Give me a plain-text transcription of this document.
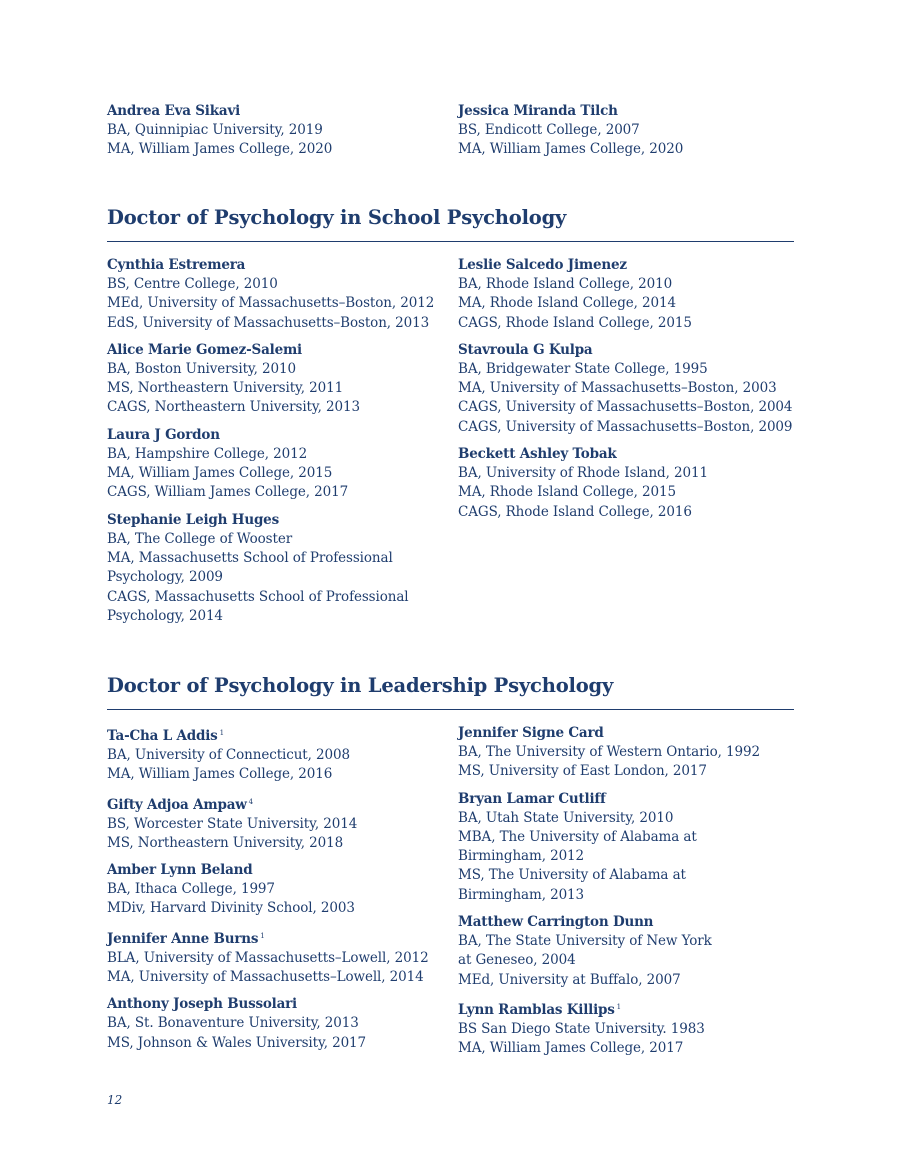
Andrea Eva Sikavi
BA, Quinnipiac University, 2019
MA, William James College, 2020
Jessica Miranda Tilch
BS, Endicott College, 2007
MA, William James College, 2020
Doctor of Psychology in School Psychology
Cynthia Estremera
BS, Centre College, 2010
MEd, University of Massachusetts–Boston, 2012
EdS, University of Massachusetts–Boston, 2013
Alice Marie Gomez-Salemi
BA, Boston University, 2010
MS, Northeastern University, 2011
CAGS, Northeastern University, 2013
Laura J Gordon
BA, Hampshire College, 2012
MA, William James College, 2015
CAGS, William James College, 2017
Stephanie Leigh Huges
BA, The College of Wooster
MA, Massachusetts School of Professional
Psychology, 2009
CAGS, Massachusetts School of Professional
Psychology, 2014
Leslie Salcedo Jimenez
BA, Rhode Island College, 2010
MA, Rhode Island College, 2014
CAGS, Rhode Island College, 2015
Stavroula G Kulpa
BA, Bridgewater State College, 1995
MA, University of Massachusetts–Boston, 2003
CAGS, University of Massachusetts–Boston, 2004
CAGS, University of Massachusetts–Boston, 2009
Beckett Ashley Tobak
BA, University of Rhode Island, 2011
MA, Rhode Island College, 2015
CAGS, Rhode Island College, 2016
Doctor of Psychology in Leadership Psychology
Ta-Cha L Addis $^1$
BA, University of Connecticut, 2008
MA, William James College, 2016
Gifty Adjoa Ampaw $^4$
BS, Worcester State University, 2014
MS, Northeastern University, 2018
Amber Lynn Beland
BA, Ithaca College, 1997
MDiv, Harvard Divinity School, 2003
Jennifer Anne Burns $^1$
BLA, University of Massachusetts–Lowell, 2012
MA, University of Massachusetts–Lowell, 2014
Anthony Joseph Bussolari
BA, St. Bonaventure University, 2013
MS, Johnson & Wales University, 2017
Jennifer Signe Card
BA, The University of Western Ontario, 1992
MS, University of East London, 2017
Bryan Lamar Cutliff
BA, Utah State University, 2010
MBA, The University of Alabama at
Birmingham, 2012
MS, The University of Alabama at
Birmingham, 2013
Matthew Carrington Dunn
BA, The State University of New York
at Geneseo, 2004
MEd, University at Buffalo, 2007
Lynn Ramblas Killips $^1$
BS San Diego State University. 1983
MA, William James College, 2017
12
